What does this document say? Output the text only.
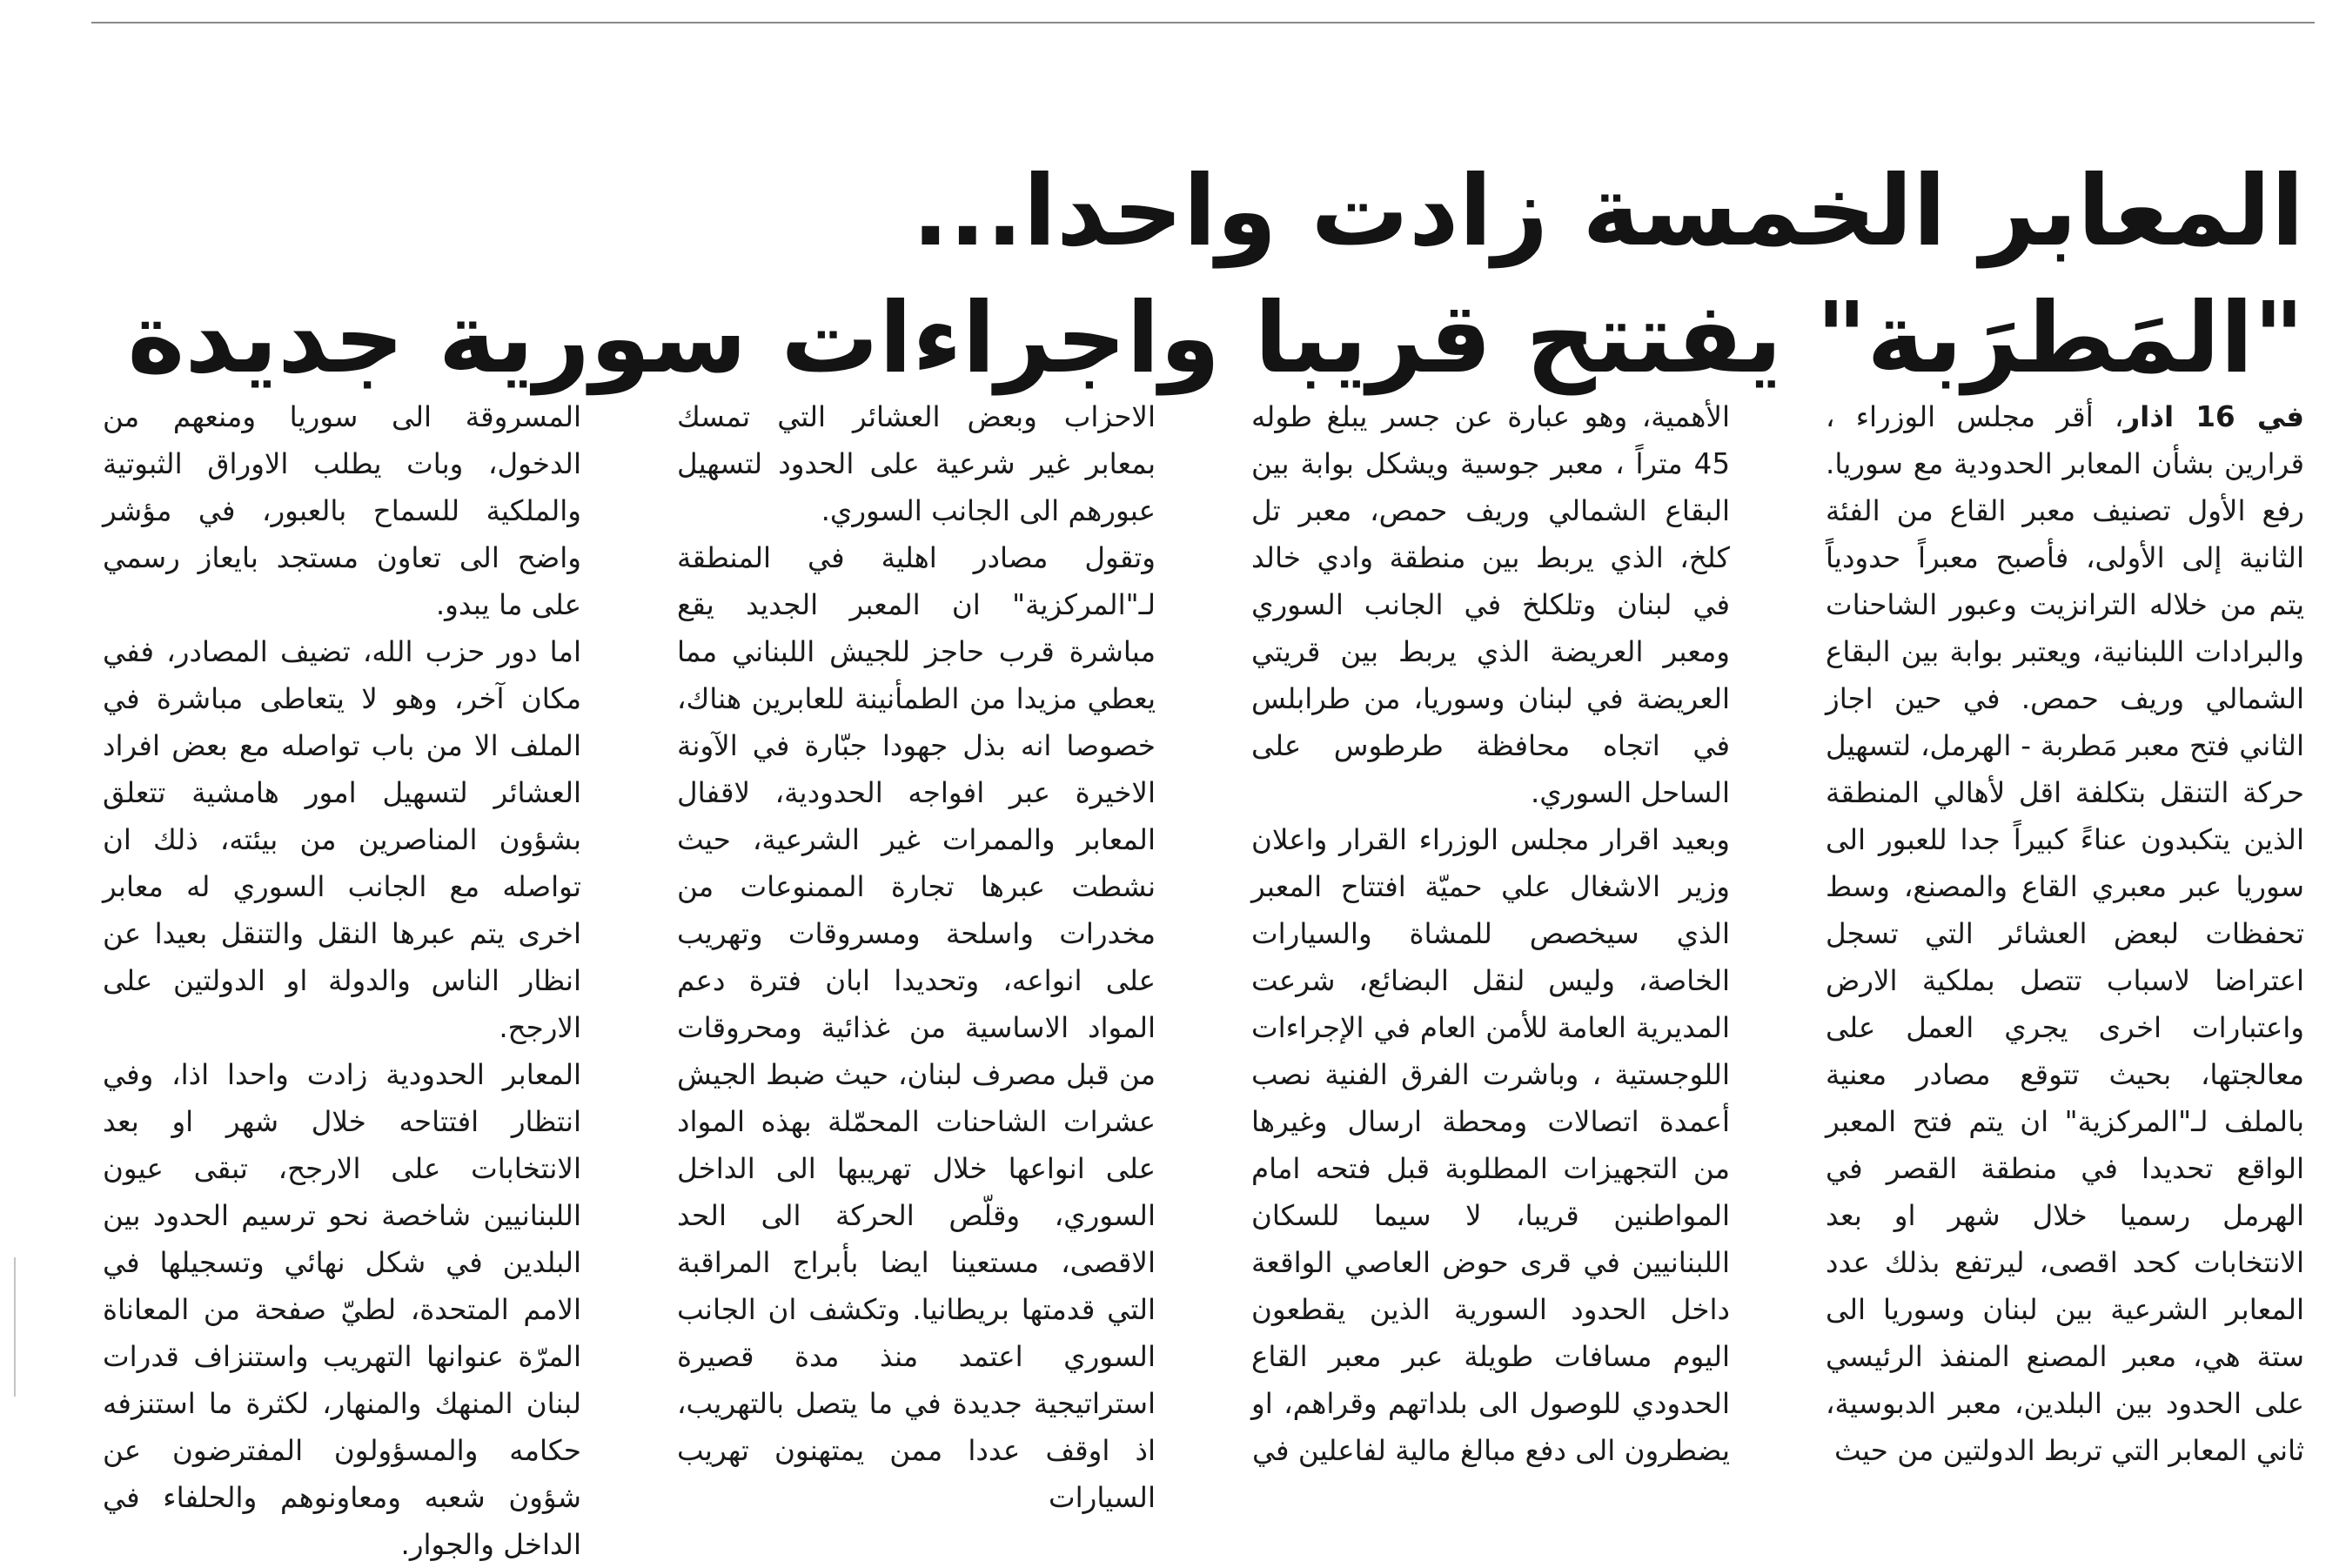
المعابر الخمسة زادت واحدا...
"المَطرَبة" يفتتح قريبا واجراءات سورية جديدة

في 16 اذار، أقر مجلس الوزراء ، قرارين بشأن المعابر الحدودية مع سوريا. رفع الأول تصنيف معبر القاع من الفئة الثانية إلى الأولى، فأصبح معبراً حدودياً يتم من خلاله الترانزيت وعبور الشاحنات والبرادات اللبنانية، ويعتبر بوابة بين البقاع الشمالي وريف حمص. في حين اجاز الثاني فتح معبر مَطربة - الهرمل، لتسهيل حركة التنقل بتكلفة اقل لأهالي المنطقة الذين يتكبدون عناءً كبيراً جدا للعبور الى سوريا عبر معبري القاع والمصنع، وسط تحفظات لبعض العشائر التي تسجل اعتراضا لاسباب تتصل بملكية الارض واعتبارات اخرى يجري العمل على معالجتها، بحيث تتوقع مصادر معنية بالملف لـ"المركزية" ان يتم فتح المعبر الواقع تحديدا في منطقة القصر في الهرمل رسميا خلال شهر او بعد الانتخابات كحد اقصى، ليرتفع بذلك عدد المعابر الشرعية بين لبنان وسوريا الى ستة هي، معبر المصنع المنفذ الرئيسي على الحدود بين البلدين، معبر الدبوسية، ثاني المعابر التي تربط الدولتين من حيث

الأهمية، وهو عبارة عن جسر يبلغ طوله 45 متراً ، معبر جوسية ويشكل بوابة بين البقاع الشمالي وريف حمص، معبر تل كلخ، الذي يربط بين منطقة وادي خالد في لبنان وتلكلخ في الجانب السوري ومعبر العريضة الذي يربط بين قريتي العريضة في لبنان وسوريا، من طرابلس في اتجاه محافظة طرطوس على الساحل السوري.

وبعيد اقرار مجلس الوزراء القرار واعلان وزير الاشغال علي حميّة افتتاح المعبر الذي سيخصص للمشاة والسيارات الخاصة، وليس لنقل البضائع، شرعت المديرية العامة للأمن العام في الإجراءات اللوجستية ، وباشرت الفرق الفنية نصب أعمدة اتصالات ومحطة ارسال وغيرها من التجهيزات المطلوبة قبل فتحه امام المواطنين قريبا، لا سيما للسكان اللبنانيين في قرى حوض العاصي الواقعة داخل الحدود السورية الذين يقطعون اليوم مسافات طويلة عبر معبر القاع الحدودي للوصول الى بلداتهم وقراهم، او يضطرون الى دفع مبالغ مالية لفاعلين في

الاحزاب وبعض العشائر التي تمسك بمعابر غير شرعية على الحدود لتسهيل عبورهم الى الجانب السوري.

وتقول مصادر اهلية في المنطقة لـ"المركزية" ان المعبر الجديد يقع مباشرة قرب حاجز للجيش اللبناني مما يعطي مزيدا من الطمأنينة للعابرين هناك، خصوصا انه بذل جهودا جبّارة في الآونة الاخيرة عبر افواجه الحدودية، لاقفال المعابر والممرات غير الشرعية، حيث نشطت عبرها تجارة الممنوعات من مخدرات واسلحة ومسروقات وتهريب على انواعه، وتحديدا ابان فترة دعم المواد الاساسية من غذائية ومحروقات من قبل مصرف لبنان، حيث ضبط الجيش عشرات الشاحنات المحمّلة بهذه المواد على انواعها خلال تهريبها الى الداخل السوري، وقلّص الحركة الى الحد الاقصى، مستعينا ايضا بأبراج المراقبة التي قدمتها بريطانيا. وتكشف ان الجانب السوري اعتمد منذ مدة قصيرة استراتيجية جديدة في ما يتصل بالتهريب، اذ اوقف عددا ممن يمتهنون تهريب السيارات

المسروقة الى سوريا ومنعهم من الدخول، وبات يطلب الاوراق الثبوتية والملكية للسماح بالعبور، في مؤشر واضح الى تعاون مستجد بايعاز رسمي على ما يبدو.

اما دور حزب الله، تضيف المصادر، ففي مكان آخر، وهو لا يتعاطى مباشرة في الملف الا من باب تواصله مع بعض افراد العشائر لتسهيل امور هامشية تتعلق بشؤون المناصرين من بيئته، ذلك ان تواصله مع الجانب السوري له معابر اخرى يتم عبرها النقل والتنقل بعيدا عن انظار الناس والدولة او الدولتين على الارجح.

المعابر الحدودية زادت واحدا اذا، وفي انتظار افتتاحه خلال شهر او بعد الانتخابات على الارجح، تبقى عيون اللبنانيين شاخصة نحو ترسيم الحدود بين البلدين في شكل نهائي وتسجيلها في الامم المتحدة، لطيّ صفحة من المعاناة المرّة عنوانها التهريب واستنزاف قدرات لبنان المنهك والمنهار، لكثرة ما استنزفه حكامه والمسؤولون المفترضون عن شؤون شعبه ومعاونوهم والحلفاء في الداخل والجوار.
